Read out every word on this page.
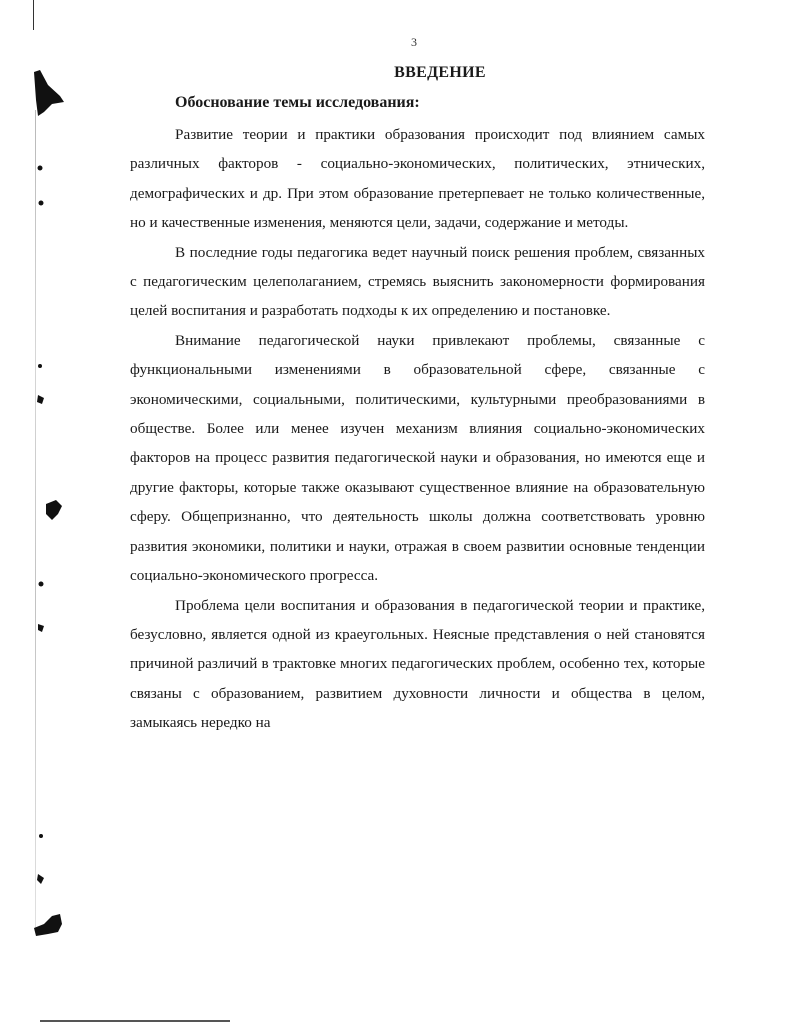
3
ВВЕДЕНИЕ
Обоснование темы исследования:

Развитие теории и практики образования происходит под влиянием самых различных факторов - социально-экономических, политических, этнических, демографических и др. При этом образование претерпевает не только количественные, но и качественные изменения, меняются цели, задачи, содержание и методы.

В последние годы педагогика ведет научный поиск решения проблем, связанных с педагогическим целеполаганием, стремясь выяснить закономерности формирования целей воспитания и разработать подходы к их определению и постановке.

Внимание педагогической науки привлекают проблемы, связанные с функциональными изменениями в образовательной сфере, связанные с экономическими, социальными, политическими, культурными преобразованиями в обществе. Более или менее изучен механизм влияния социально-экономических факторов на процесс развития педагогической науки и образования, но имеются еще и другие факторы, которые также оказывают существенное влияние на образовательную сферу. Общепризнанно, что деятельность школы должна соответствовать уровню развития экономики, политики и науки, отражая в своем развитии основные тенденции социально-экономического прогресса.

Проблема цели воспитания и образования в педагогической теории и практике, безусловно, является одной из краеугольных. Неясные представления о ней становятся причиной различий в трактовке многих педагогических проблем, особенно тех, которые связаны с образованием, развитием духовности личности и общества в целом, замыкаясь нередко на
